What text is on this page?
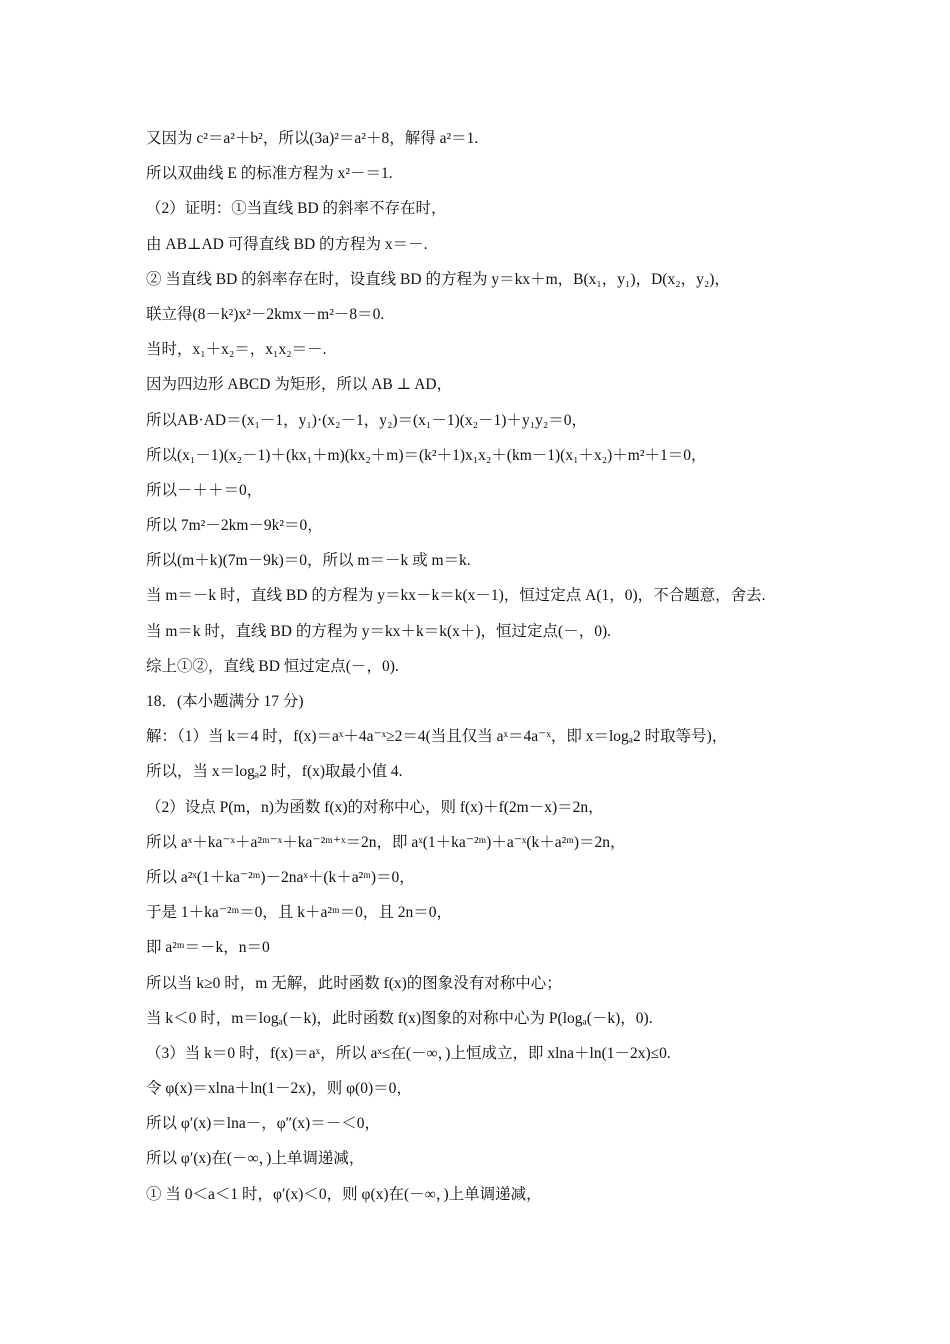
又因为 c²＝a²＋b²，所以(3a)²＝a²＋8，解得 a²＝1.
所以双曲线 E 的标准方程为 x²－＝1.
（2）证明：①当直线 BD 的斜率不存在时，
由 AB⊥AD 可得直线 BD 的方程为 x＝－.
② 当直线 BD 的斜率存在时，设直线 BD 的方程为 y＝kx＋m，B(x₁，y₁)，D(x₂，y₂)，
联立得(8－k²)x²－2kmx－m²－8＝0.
当时，x₁＋x₂＝，x₁x₂＝－.
因为四边形 ABCD 为矩形，所以 AB ⊥ AD，
所以AB·AD＝(x₁－1，y₁)·(x₂－1，y₂)＝(x₁－1)(x₂－1)＋y₁y₂＝0，
所以(x₁－1)(x₂－1)＋(kx₁＋m)(kx₂＋m)＝(k²＋1)x₁x₂＋(km－1)(x₁＋x₂)＋m²＋1＝0，
所以－＋＋＝0，
所以 7m²－2km－9k²＝0，
所以(m＋k)(7m－9k)＝0，所以 m＝－k 或 m＝k.
当 m＝－k 时，直线 BD 的方程为 y＝kx－k＝k(x－1)，恒过定点 A(1，0)，不合题意，舍去.
当 m＝k 时，直线 BD 的方程为 y＝kx＋k＝k(x＋)，恒过定点(－，0).
综上①②，直线 BD 恒过定点(－，0).
18．(本小题满分 17 分)
解：（1）当 k＝4 时，f(x)＝aˣ＋4a⁻ˣ≥2＝4(当且仅当 aˣ＝4a⁻ˣ，即 x＝logₐ2 时取等号)，
所以，当 x＝logₐ2 时，f(x)取最小值 4.
（2）设点 P(m，n)为函数 f(x)的对称中心，则 f(x)＋f(2m－x)＝2n，
所以 aˣ＋ka⁻ˣ＋a²ᵐ⁻ˣ＋ka⁻²ᵐ⁺ˣ＝2n，即 aˣ(1＋ka⁻²ᵐ)＋a⁻ˣ(k＋a²ᵐ)＝2n，
所以 a²ˣ(1＋ka⁻²ᵐ)－2naˣ＋(k＋a²ᵐ)＝0，
于是 1＋ka⁻²ᵐ＝0，且 k＋a²ᵐ＝0，且 2n＝0，
即 a²ᵐ＝－k，n＝0
所以当 k≥0 时，m 无解，此时函数 f(x)的图象没有对称中心；
当 k＜0 时，m＝logₐ(－k)，此时函数 f(x)图象的对称中心为 P(logₐ(－k)，0).
（3）当 k＝0 时，f(x)＝aˣ，所以 aˣ≤在(－∞，)上恒成立，即 xlna＋ln(1－2x)≤0.
令 φ(x)＝xlna＋ln(1－2x)，则 φ(0)＝0，
所以 φ′(x)＝lna－，φ″(x)＝－＜0，
所以 φ′(x)在(－∞，)上单调递减，
① 当 0＜a＜1 时，φ′(x)＜0，则 φ(x)在(－∞，)上单调递减，
